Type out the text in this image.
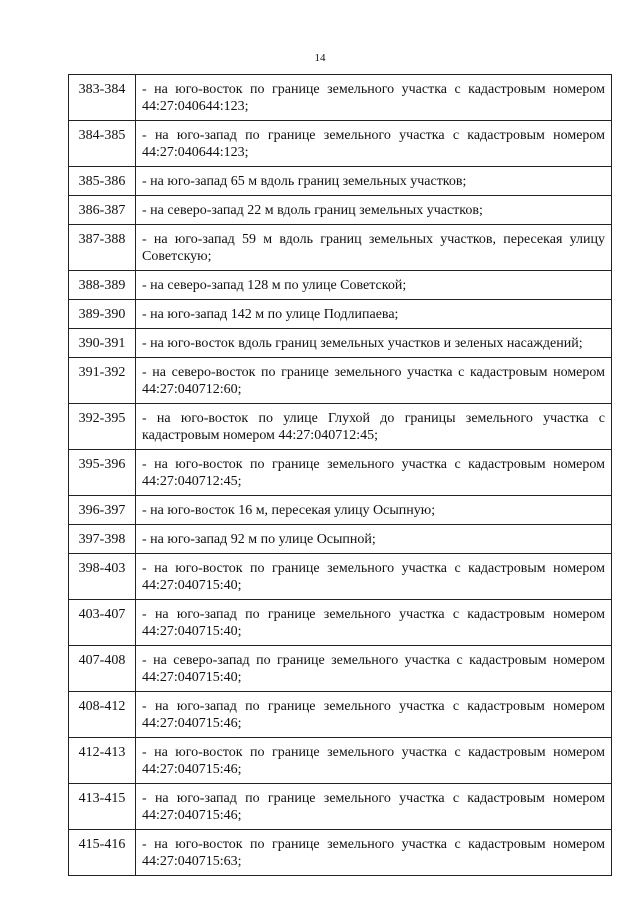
14
383-384	- на юго-восток по границе земельного участка с кадастровым номером 44:27:040644:123;
384-385	- на юго-запад по границе земельного участка с кадастровым номером 44:27:040644:123;
385-386	- на юго-запад 65 м вдоль границ земельных участков;
386-387	- на северо-запад 22 м вдоль границ земельных участков;
387-388	- на юго-запад 59 м вдоль границ земельных участков, пересекая улицу Советскую;
388-389	- на северо-запад 128 м по улице Советской;
389-390	- на юго-запад 142 м по улице Подлипаева;
390-391	- на юго-восток вдоль границ земельных участков и зеленых насаждений;
391-392	- на северо-восток по границе земельного участка с кадастровым номером 44:27:040712:60;
392-395	- на юго-восток по улице Глухой до границы земельного участка с кадастровым номером 44:27:040712:45;
395-396	- на юго-восток по границе земельного участка с кадастровым номером 44:27:040712:45;
396-397	- на юго-восток 16 м, пересекая улицу Осыпную;
397-398	- на юго-запад 92 м по улице Осыпной;
398-403	- на юго-восток по границе земельного участка с кадастровым номером 44:27:040715:40;
403-407	- на юго-запад по границе земельного участка с кадастровым номером 44:27:040715:40;
407-408	- на северо-запад по границе земельного участка с кадастровым номером 44:27:040715:40;
408-412	- на юго-запад по границе земельного участка с кадастровым номером 44:27:040715:46;
412-413	- на юго-восток по границе земельного участка с кадастровым номером 44:27:040715:46;
413-415	- на юго-запад по границе земельного участка с кадастровым номером 44:27:040715:46;
415-416	- на юго-восток по границе земельного участка с кадастровым номером 44:27:040715:63;
